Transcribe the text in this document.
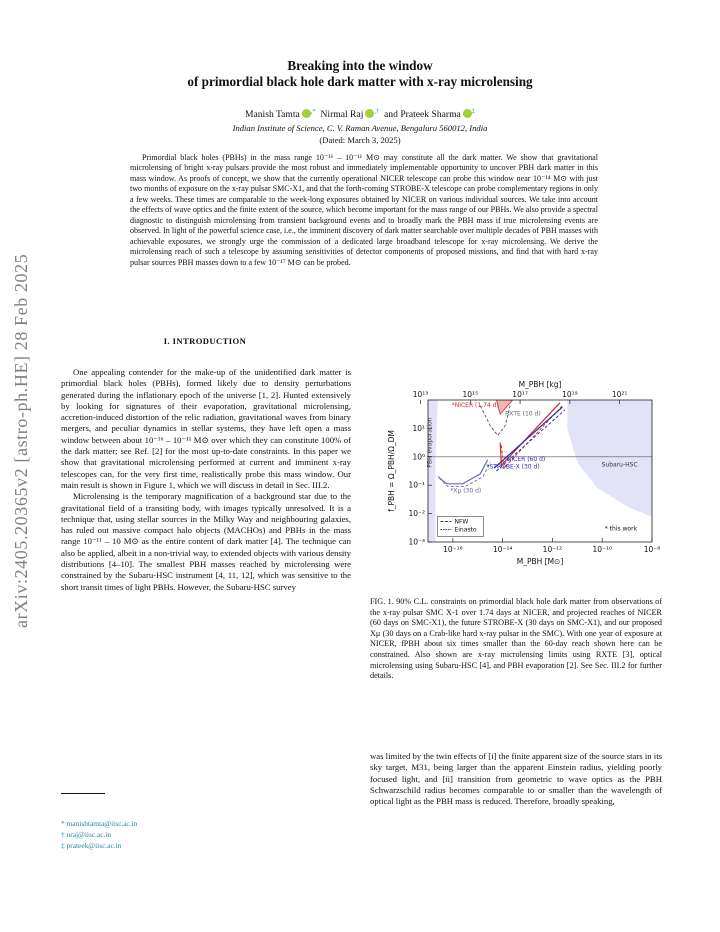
arXiv:2405.20365v2 [astro-ph.HE] 28 Feb 2025
Breaking into the window
of primordial black hole dark matter with x-ray microlensing
Manish Tamta ,* Nirmal Raj ,† and Prateek Sharma ‡
Indian Institute of Science, C. V. Raman Avenue, Bengaluru 560012, India
(Dated: March 3, 2025)
Primordial black holes (PBHs) in the mass range 10⁻¹⁶ – 10⁻¹¹ M⊙ may constitute all the dark matter. We show that gravitational microlensing of bright x-ray pulsars provide the most robust and immediately implementable opportunity to uncover PBH dark matter in this mass window. As proofs of concept, we show that the currently operational NICER telescope can probe this window near 10⁻¹⁴ M⊙ with just two months of exposure on the x-ray pulsar SMC-X1, and that the forth-coming STROBE-X telescope can probe complementary regions in only a few weeks. These times are comparable to the week-long exposures obtained by NICER on various individual sources. We take into account the effects of wave optics and the finite extent of the source, which become important for the mass range of our PBHs. We also provide a spectral diagnostic to distinguish microlensing from transient background events and to broadly mark the PBH mass if true microlensing events are observed. In light of the powerful science case, i.e., the imminent discovery of dark matter searchable over multiple decades of PBH masses with achievable exposures, we strongly urge the commission of a dedicated large broadband telescope for x-ray microlensing. We derive the microlensing reach of such a telescope by assuming sensitivities of detector components of proposed missions, and find that with hard x-ray pulsar sources PBH masses down to a few 10⁻¹⁷ M⊙ can be probed.
I. INTRODUCTION

One appealing contender for the make-up of the unidentified dark matter is primordial black holes (PBHs), formed likely due to density perturbations generated during the inflationary epoch of the universe [1, 2]. Hunted extensively by looking for signatures of their evaporation, gravitational microlensing, accretion-induced distortion of the relic radiation, gravitational waves from binary mergers, and peculiar dynamics in stellar systems, they have left open a mass window between about 10⁻¹⁶ – 10⁻¹¹ M⊙ over which they can constitute 100% of the dark matter; see Ref. [2] for the most up-to-date constraints. In this paper we show that gravitational microlensing performed at current and imminent x-ray telescopes can, for the very first time, realistically probe this mass window. Our main result is shown in Figure 1, which we will discuss in detail in Sec. III.2.

Microlensing is the temporary magnification of a background star due to the gravitational field of a transiting body, with images typically unresolved. It is a technique that, using stellar sources in the Milky Way and neighbouring galaxies, has ruled out massive compact halo objects (MACHOs) and PBHs in the mass range 10⁻¹¹ – 10 M⊙ as the entire content of dark matter [4]. The technique can also be applied, albeit in a non-trivial way, to extended objects with various density distributions [4–10]. The smallest PBH masses reached by microlensing were constrained by the Subaru-HSC instrument [4, 11, 12], which was sensitive to the short transit times of light PBHs. However, the Subaru-HSC survey

* manishtamta@iisc.ac.in
† nraj@iisc.ac.in
‡ prateek@iisc.ac.in
10⁻¹⁶	10⁻¹⁴	10⁻¹²	10⁻¹⁰	10⁻⁸
10¹³	10¹⁵	10¹⁷	10¹⁹	10²¹
10⁻³
10⁻²
10⁻¹
10⁰
10¹
M_PBH [M⊙]
M_PBH [kg]
f_PBH = Ω_PBH/Ω_DM	PBH evaporation	Subaru-HSC
*NICER (1.74 d)
RXTE (10 d)
*NICER (60 d)
*STROBE-X (30 d)
*Xμ (30 d)
NFW
Einasto	* this work
FIG. 1. 90% C.L. constraints on primordial black hole dark matter from observations of the x-ray pulsar SMC X-1 over 1.74 days at NICER, and projected reaches of NICER (60 days on SMC-X1), the future STROBE-X (30 days on SMC-X1), and our proposed Xμ (30 days on a Crab-like hard x-ray pulsar in the SMC). With one year of exposure at NICER, fPBH about six times smaller than the 60-day reach shown here can be constrained. Also shown are x-ray microlensing limits using RXTE [3], optical microlensing using Subaru-HSC [4], and PBH evaporation [2]. See Sec. III.2 for further details.

was limited by the twin effects of [i] the finite apparent size of the source stars in its sky target, M31, being larger than the apparent Einstein radius, yielding poorly focused light, and [ii] transition from geometric to wave optics as the PBH Schwarzschild radius becomes comparable to or smaller than the wavelength of optical light as the PBH mass is reduced. Therefore, broadly speaking,
